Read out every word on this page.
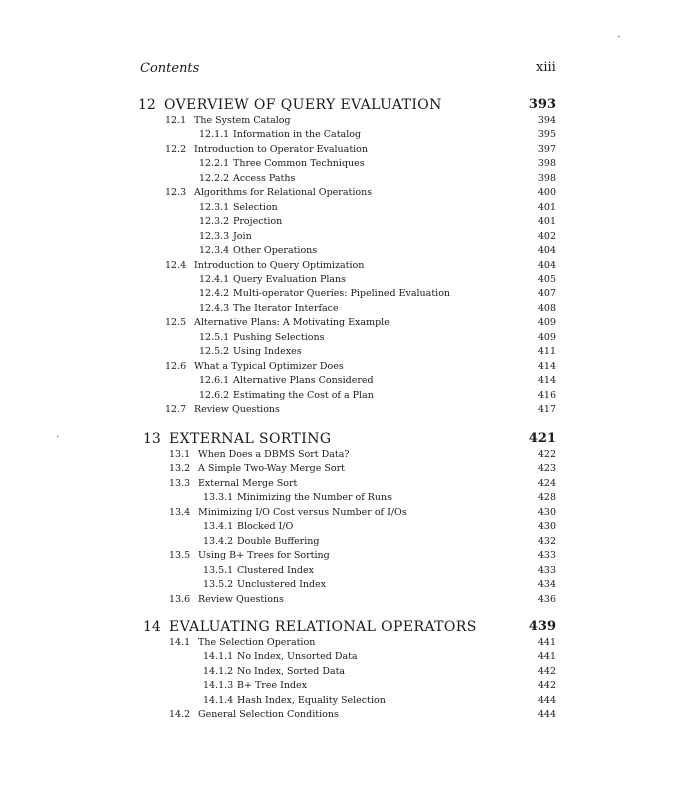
•
•
Contents	xiii
12 OVERVIEW OF QUERY EVALUATION	393
12.1 The System Catalog	394
12.1.1 Information in the Catalog	395
12.2 Introduction to Operator Evaluation	397
12.2.1 Three Common Techniques	398
12.2.2 Access Paths	398
12.3 Algorithms for Relational Operations	400
12.3.1 Selection	401
12.3.2 Projection	401
12.3.3 Join	402
12.3.4 Other Operations	404
12.4 Introduction to Query Optimization	404
12.4.1 Query Evaluation Plans	405
12.4.2 Multi-operator Queries: Pipelined Evaluation	407
12.4.3 The Iterator Interface	408
12.5 Alternative Plans: A Motivating Example	409
12.5.1 Pushing Selections	409
12.5.2 Using Indexes	411
12.6 What a Typical Optimizer Does	414
12.6.1 Alternative Plans Considered	414
12.6.2 Estimating the Cost of a Plan	416
12.7 Review Questions	417
13 EXTERNAL SORTING	421
13.1 When Does a DBMS Sort Data?	422
13.2 A Simple Two-Way Merge Sort	423
13.3 External Merge Sort	424
13.3.1 Minimizing the Number of Runs	428
13.4 Minimizing I/O Cost versus Number of I/Os	430
13.4.1 Blocked I/O	430
13.4.2 Double Buffering	432
13.5 Using B+ Trees for Sorting	433
13.5.1 Clustered Index	433
13.5.2 Unclustered Index	434
13.6 Review Questions	436
14 EVALUATING RELATIONAL OPERATORS	439
14.1 The Selection Operation	441
14.1.1 No Index, Unsorted Data	441
14.1.2 No Index, Sorted Data	442
14.1.3 B+ Tree Index	442
14.1.4 Hash Index, Equality Selection	444
14.2 General Selection Conditions	444
